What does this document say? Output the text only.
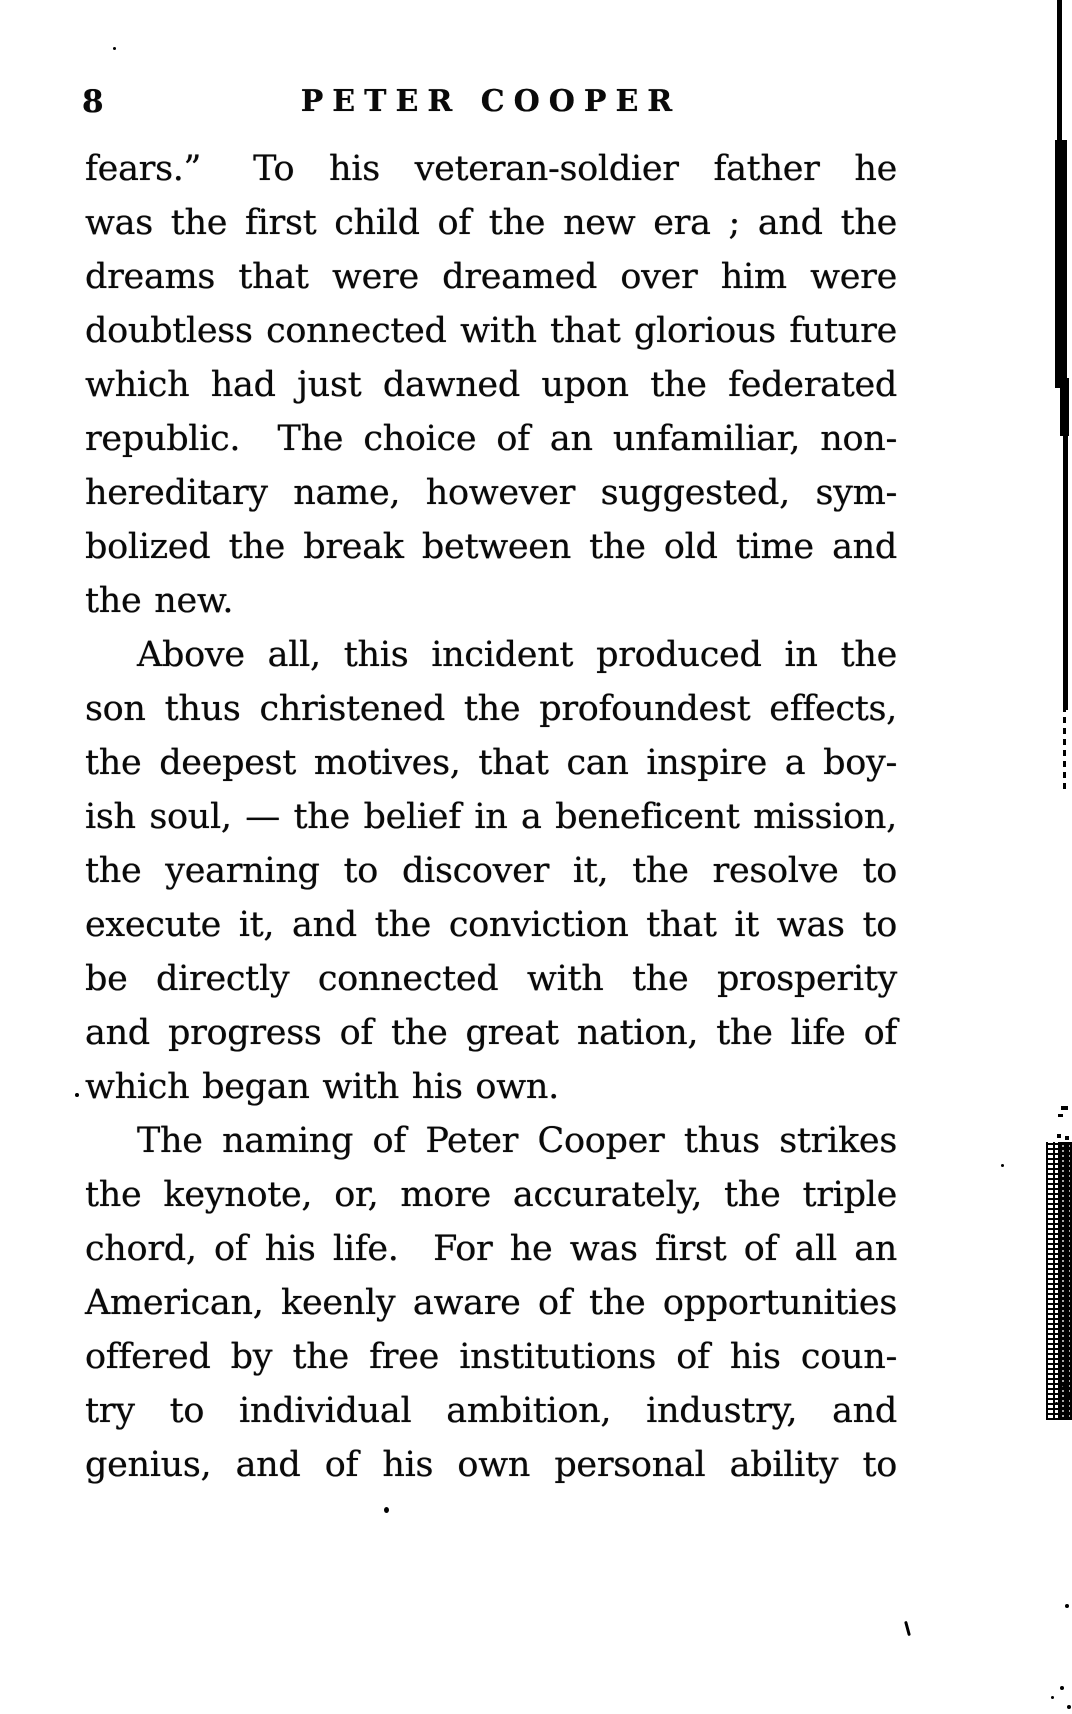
8	PETER COOPER
fears.”  To his veteran-soldier father he
was the first child of the new era ; and the
dreams that were dreamed over him were
doubtless connected with that glorious future
which had just dawned upon the federated
republic.  The choice of an unfamiliar, non-
hereditary name, however suggested, sym-
bolized the break between the old time and
the new.
Above all, this incident produced in the
son thus christened the profoundest effects,
the deepest motives, that can inspire a boy-
ish soul, — the belief in a beneficent mission,
the yearning to discover it, the resolve to
execute it, and the conviction that it was to
be directly connected with the prosperity
and progress of the great nation, the life of
which began with his own.
The naming of Peter Cooper thus strikes
the keynote, or, more accurately, the triple
chord, of his life.  For he was first of all an
American, keenly aware of the opportunities
offered by the free institutions of his coun-
try to individual ambition, industry, and
genius, and of his own personal ability to
